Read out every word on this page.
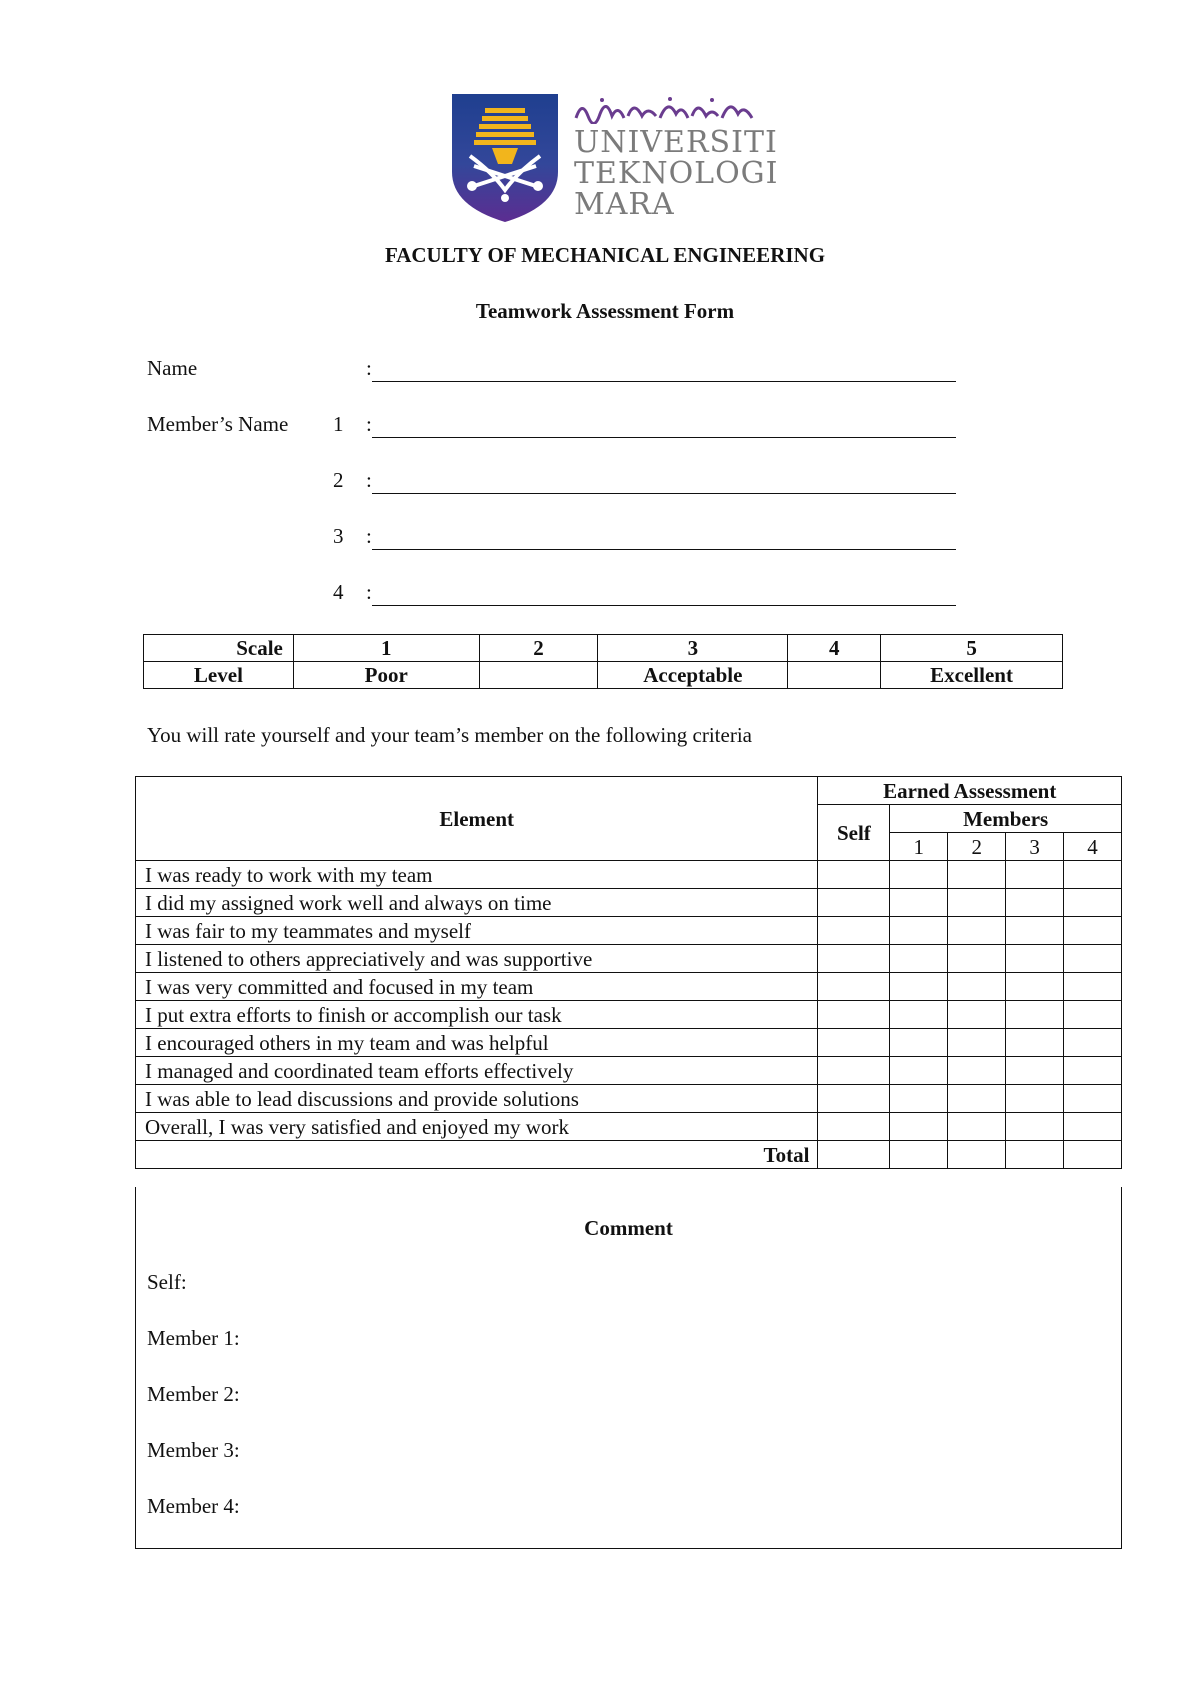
UNIVERSITI
TEKNOLOGI
MARA
FACULTY OF MECHANICAL ENGINEERING
Teamwork Assessment Form
Name	:
Member’s Name 1 :
2 :
3 :
4 :
Scale	1	2	3	4	5
Level	Poor		Acceptable		Excellent
You will rate yourself and your team’s member on the following criteria
Element	Earned Assessment				
	Self	Members			
		1	2	3	4
I was ready to work with my team					
I did my assigned work well and always on time					
I was fair to my teammates and myself					
I listened to others appreciatively and was supportive					
I was very committed and focused in my team					
I put extra efforts to finish or accomplish our task					
I encouraged others in my team and was helpful					
I managed and coordinated team efforts effectively					
I was able to lead discussions and provide solutions					
Overall, I was very satisfied and enjoyed my work					
Total					
Comment
Self:
Member 1:
Member 2:
Member 3:
Member 4:
